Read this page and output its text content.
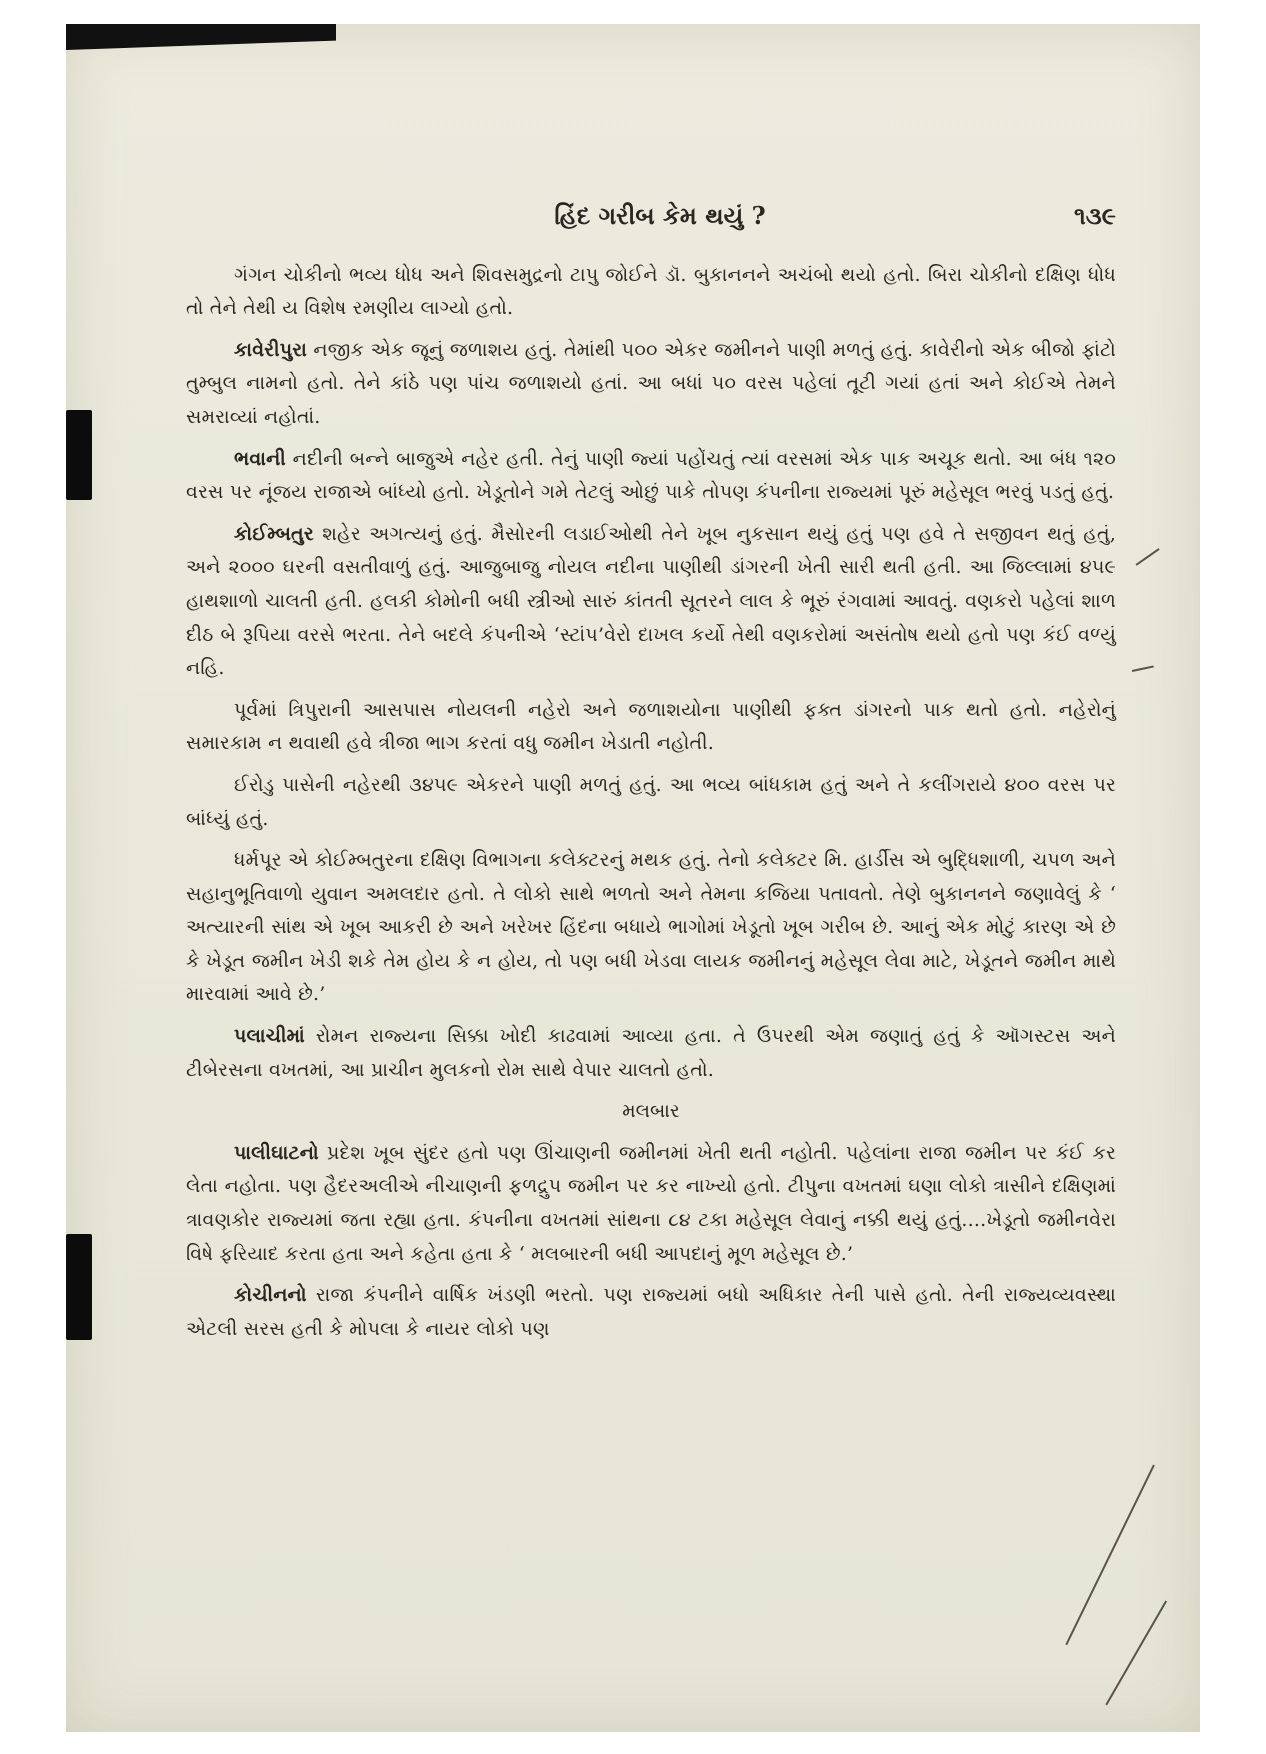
હિંદ ગરીબ કેમ થયું ?	૧૩૯

ગંગન ચોકીનો ભવ્ય ધોધ અને શિવસમુદ્રનો ટાપુ જોઈને ડૉ. બુકાનનને અચંબો થયો હતો. બિરા ચોકીનો દક્ષિણ ધોધ તો તેને તેથી ય વિશેષ રમણીય લાગ્યો હતો.

કાવેરીપુરા નજીક એક જૂનું જળાશય હતું. તેમાંથી ૫૦૦ એકર જમીનને પાણી મળતું હતું. કાવેરીનો એક બીજો ફાંટો તુમ્બુલ નામનો હતો. તેને કાંઠે પણ પાંચ જળાશયો હતાં. આ બધાં ૫૦ વરસ પહેલાં તૂટી ગયાં હતાં અને કોઈએ તેમને સમરાવ્યાં નહોતાં.

ભવાની નદીની બન્ને બાજુએ નહેર હતી. તેનું પાણી જ્યાં પહોંચતું ત્યાં વરસમાં એક પાક અચૂક થતો. આ બંધ ૧૨૦ વરસ પર નૂંજય રાજાએ બાંધ્યો હતો. ખેડૂતોને ગમે તેટલું ઓછું પાકે તોપણ કંપનીના રાજ્યમાં પૂરું મહેસૂલ ભરવું પડતું હતું.

કોઈમ્બતુર શહેર અગત્યનું હતું. મૈસોરની લડાઈઓથી તેને ખૂબ નુકસાન થયું હતું પણ હવે તે સજીવન થતું હતું, અને ૨૦૦૦ ઘરની વસતીવાળું હતું. આજુબાજુ નોયલ નદીના પાણીથી ડાંગરની ખેતી સારી થતી હતી. આ જિલ્લામાં ૪૫૯ હાથશાળો ચાલતી હતી. હલકી કોમોની બધી સ્ત્રીઓ સારું કાંતતી સૂતરને લાલ કે ભૂરું રંગવામાં આવતું. વણકરો પહેલાં શાળ દીઠ બે રૂપિયા વરસે ભરતા. તેને બદલે કંપનીએ ‘સ્ટાંપ’વેરો દાખલ કર્યો તેથી વણકરોમાં અસંતોષ થયો હતો પણ કંઈ વળ્યું નહિ.

પૂર્વમાં ત્રિપુરાની આસપાસ નોયલની નહેરો અને જળાશયોના પાણીથી ફક્ત ડાંગરનો પાક થતો હતો. નહેરોનું સમારકામ ન થવાથી હવે ત્રીજા ભાગ કરતાં વધુ જમીન ખેડાતી નહોતી.

ઈરોડુ પાસેની નહેરથી ૩૪૫૯ એકરને પાણી મળતું હતું. આ ભવ્ય બાંધકામ હતું અને તે કલીંગરાયે ૪૦૦ વરસ પર બાંધ્યું હતું.

ધર્મપૂર એ કોઈમ્બતુરના દક્ષિણ વિભાગના કલેક્ટરનું મથક હતું. તેનો કલેક્ટર મિ. હાર્ડીસ એ બુદ્ધિશાળી, ચપળ અને સહાનુભૂતિવાળો યુવાન અમલદાર હતો. તે લોકો સાથે ભળતો અને તેમના કજિયા પતાવતો. તેણે બુકાનનને જણાવેલું કે ‘ અત્યારની સાંથ એ ખૂબ આકરી છે અને ખરેખર હિંદના બધાયે ભાગોમાં ખેડૂતો ખૂબ ગરીબ છે. આનું એક મોટું કારણ એ છે કે ખેડૂત જમીન ખેડી શકે તેમ હોય કે ન હોય, તો પણ બધી ખેડવા લાયક જમીનનું મહેસૂલ લેવા માટે, ખેડૂતને જમીન માથે મારવામાં આવે છે.’

પલાચીમાં રોમન રાજ્યના સિક્કા ખોદી કાઢવામાં આવ્યા હતા. તે ઉપરથી એમ જણાતું હતું કે ઑગસ્ટસ અને ટીબેરસના વખતમાં, આ પ્રાચીન મુલકનો રોમ સાથે વેપાર ચાલતો હતો.

મલબાર

પાલીઘાટનો પ્રદેશ ખૂબ સુંદર હતો પણ ઊંચાણની જમીનમાં ખેતી થતી નહોતી. પહેલાંના રાજા જમીન પર કંઈ કર લેતા નહોતા. પણ હૈદરઅલીએ નીચાણની ફળદ્રુપ જમીન પર કર નાખ્યો હતો. ટીપુના વખતમાં ઘણા લોકો ત્રાસીને દક્ષિણમાં ત્રાવણકોર રાજ્યમાં જતા રહ્યા હતા. કંપનીના વખતમાં સાંથના ૮૪ ટકા મહેસૂલ લેવાનું નક્કી થયું હતું....ખેડૂતો જમીનવેરા વિષે ફરિયાદ કરતા હતા અને કહેતા હતા કે ‘ મલબારની બધી આપદાનું મૂળ મહેસૂલ છે.’

કોચીનનો રાજા કંપનીને વાર્ષિક ખંડણી ભરતો. પણ રાજ્યમાં બધો અધિકાર તેની પાસે હતો. તેની રાજ્યવ્યવસ્થા એટલી સરસ હતી કે મોપલા કે નાયર લોકો પણ
